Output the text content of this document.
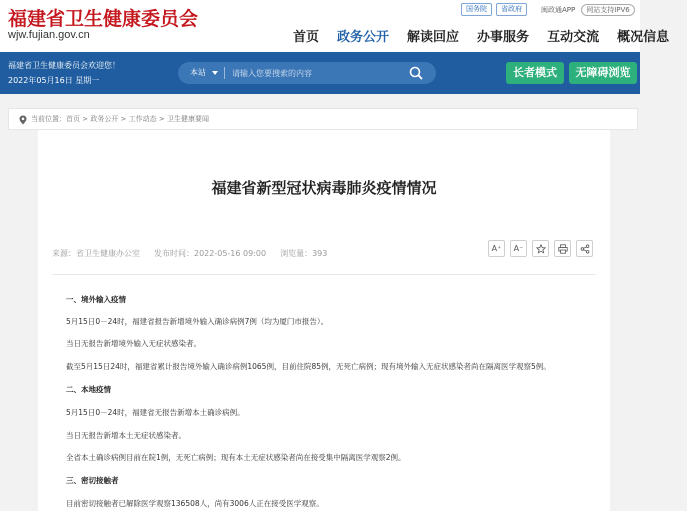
福建省卫生健康委员会
wjw.fujian.gov.cn
国务院	省政府	闽政通APP	网站支持IPV6
首页 政务公开 解读回应 办事服务 互动交流 概况信息
福建省卫生健康委员会欢迎您！
2022年05月16日 星期一
本站
请输入您要搜索的内容	长者模式	无障碍浏览
当前位置：首页 > 政务公开 > 工作动态 > 卫生健康要闻
福建省新型冠状病毒肺炎疫情情况
来源：省卫生健康办公室 发布时间：2022-05-16 09:00 浏览量：393
A⁺	A⁻
一、境外输入疫情
5月15日0－24时，福建省报告新增境外输入确诊病例7例（均为厦门市报告）。
当日无报告新增境外输入无症状感染者。
截至5月15日24时，福建省累计报告境外输入确诊病例1065例，目前住院85例，无死亡病例；现有境外输入无症状感染者尚在隔离医学观察5例。
二、本地疫情
5月15日0－24时，福建省无报告新增本土确诊病例。
当日无报告新增本土无症状感染者。
全省本土确诊病例目前在院1例，无死亡病例；现有本土无症状感染者尚在接受集中隔离医学观察2例。
三、密切接触者
目前密切接触者已解除医学观察136508人，尚有3006人正在接受医学观察。
